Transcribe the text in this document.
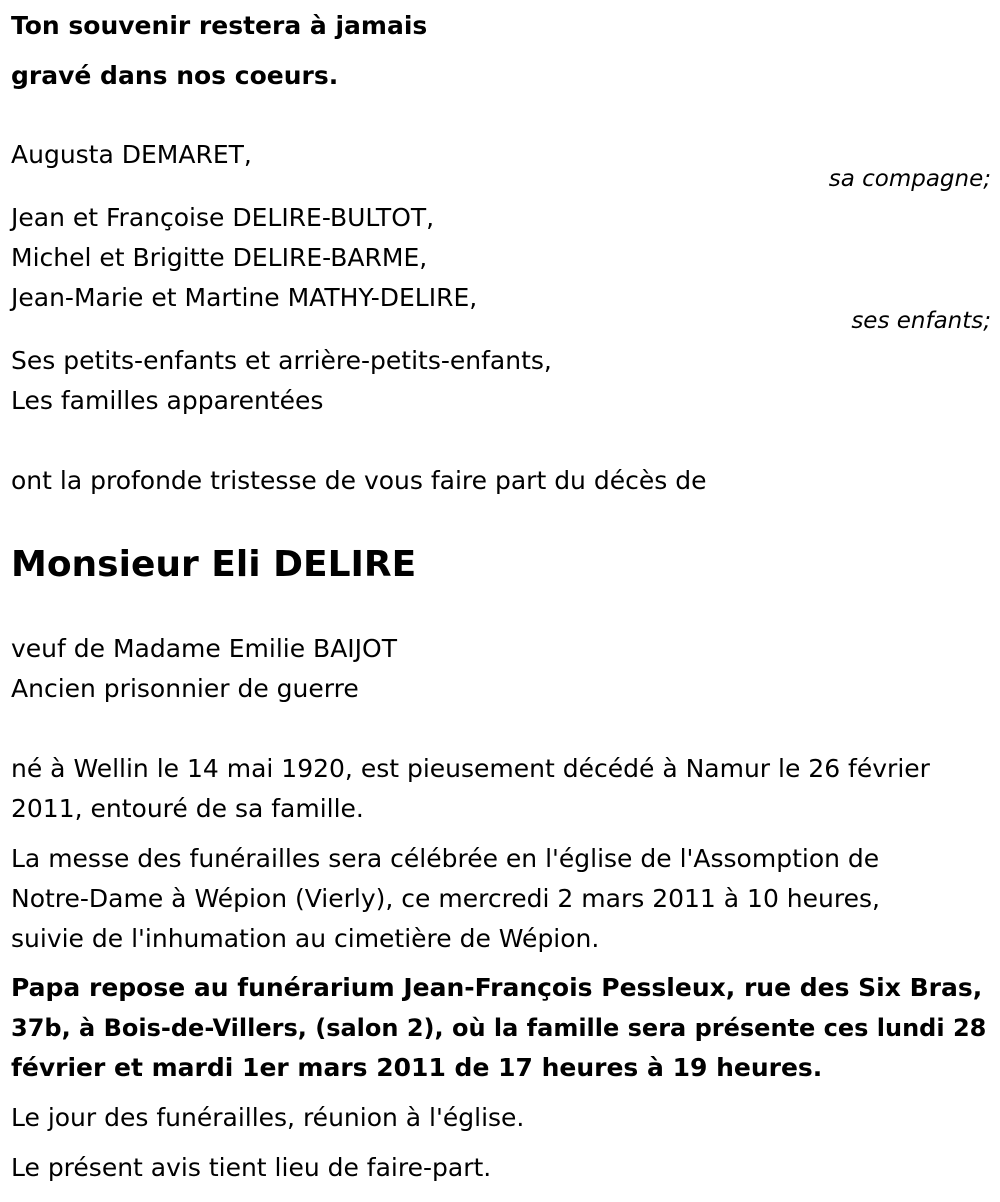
Ton souvenir restera à jamais
gravé dans nos coeurs.
Augusta DEMARET,
sa compagne;
Jean et Françoise DELIRE-BULTOT,
Michel et Brigitte DELIRE-BARME,
Jean-Marie et Martine MATHY-DELIRE,
ses enfants;
Ses petits-enfants et arrière-petits-enfants,
Les familles apparentées
ont la profonde tristesse de vous faire part du décès de
Monsieur Eli DELIRE
veuf de Madame Emilie BAIJOT
Ancien prisonnier de guerre
né à Wellin le 14 mai 1920, est pieusement décédé à Namur le 26 février
2011, entouré de sa famille.
La messe des funérailles sera célébrée en l'église de l'Assomption de
Notre-Dame à Wépion (Vierly), ce mercredi 2 mars 2011 à 10 heures,
suivie de l'inhumation au cimetière de Wépion.
Papa repose au funérarium Jean-François Pessleux, rue des Six Bras,
37b, à Bois-de-Villers, (salon 2), où la famille sera présente ces lundi 28
février et mardi 1er mars 2011 de 17 heures à 19 heures.
Le jour des funérailles, réunion à l'église.
Le présent avis tient lieu de faire-part.
